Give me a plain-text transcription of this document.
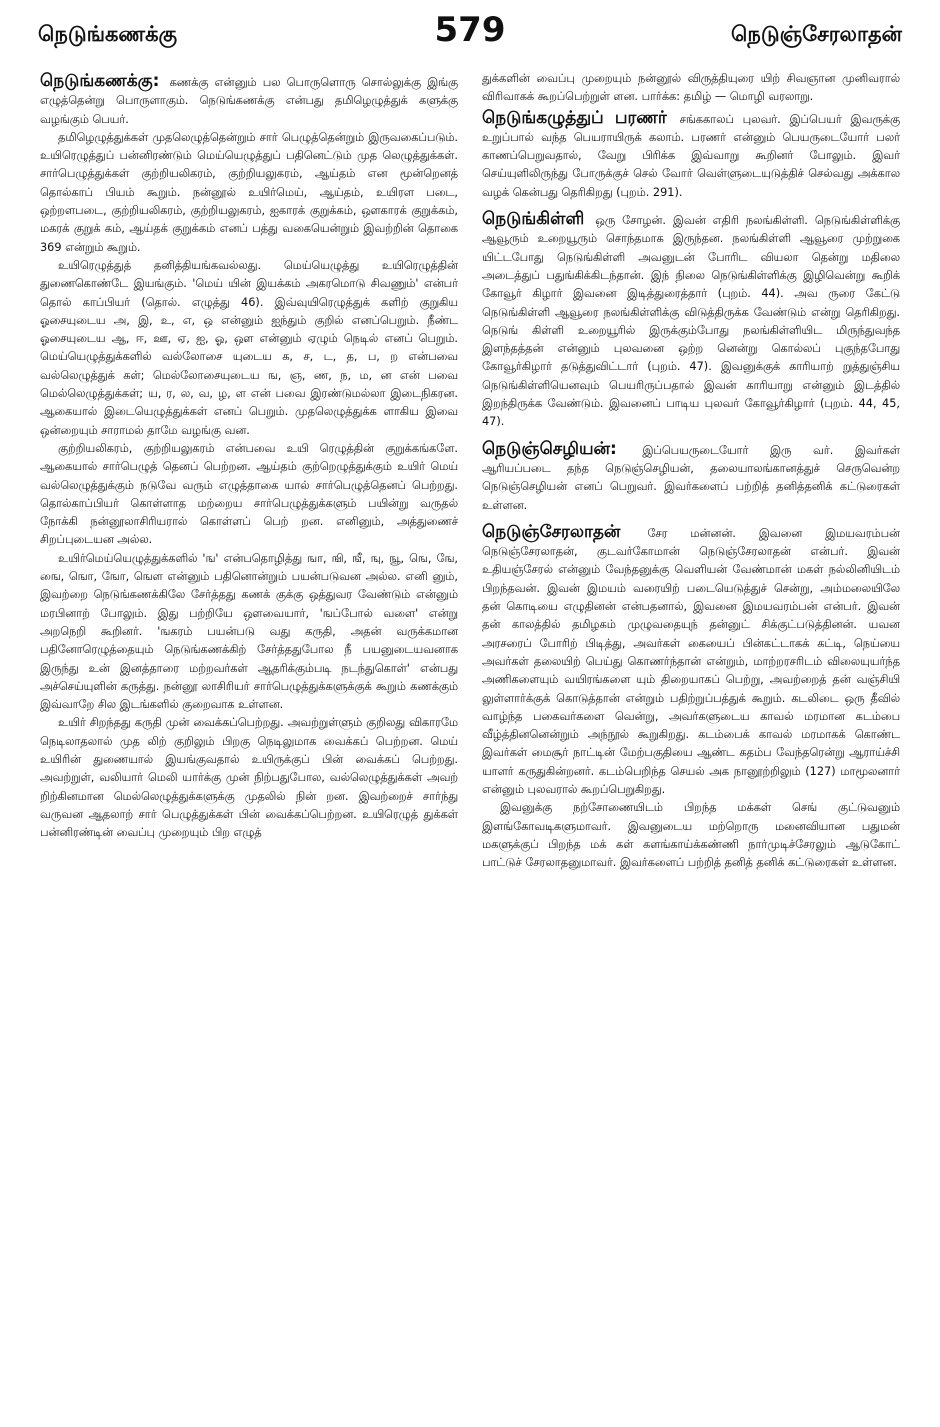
நெடுங்கணக்கு	579	நெடுஞ்சேரலாதன்

நெடுங்கணக்கு: கணக்கு என்னும் பல பொருளொரு சொல்லுக்கு இங்கு எழுத்தென்று பொருளாகும். நெடுங்கணக்கு என்பது தமிழெழுத்துக் களுக்கு வழங்கும் பெயர்.

தமிழெழுத்துக்கள் முதலெழுத்தென்றும் சார் பெழுத்தென்றும் இருவகைப்படும். உயிரெழுத்துப் பன்னிரண்டும் மெய்யெழுத்துப் பதினெட்டும் முத லெழுத்துக்கள். சார்பெழுத்துக்கள் குற்றியலிகரம், குற்றியலுகரம், ஆய்தம் என மூன்றெனத் தொல்காப் பியம் கூறும். நன்னூல் உயிர்மெய், ஆய்தம், உயிரள படை, ஒற்றளபடை, குற்றியலிகரம், குற்றியலுகரம், ஐகாரக் குறுக்கம், ஔகாரக் குறுக்கம், மகரக் குறுக் கம், ஆய்தக் குறுக்கம் எனப் பத்து வகையென்றும் இவற்றின் தொகை 369 என்றும் கூறும்.

உயிரெழுத்துத் தனித்தியங்கவல்லது. மெய்யெழுத்து உயிரெழுத்தின் துணைகொண்டே இயங்கும். 'மெய் யின் இயக்கம் அகரமொடு சிவணும்' என்பர் தொல் காப்பியர் (தொல். எழுத்து 46). இவ்வுயிரெழுத்துக் களிற் குறுகிய ஓசையுடைய அ, இ, உ, எ, ஒ என்னும் ஐந்தும் குறில் எனப்பெறும். நீண்ட ஓசையுடைய ஆ, ஈ, ஊ, ஏ, ஐ, ஓ, ஔ என்னும் ஏழும் நெடில் எனப் பெறும். மெய்யெழுத்துக்களில் வல்லோசை யுடைய க, ச, ட, த, ப, ற என்பவை வல்லெழுத்துக் கள்; மெல்லோசையுடைய ங, ஞ, ண, ந, ம, ன என் பவை மெல்லெழுத்துக்கள்; ய, ர, ல, வ, ழ, ள என் பவை இரண்டுமல்லா இடைநிகரன. ஆகையால் இடையெழுத்துக்கள் எனப் பெறும். முதலெழுத்துக்க ளாகிய இவை ஒன்றையும் சாராமல் தாமே வழங்கு வன.

குற்றியலிகரம், குற்றியலுகரம் என்பவை உயி ரெழுத்தின் குறுக்கங்களே. ஆகையால் சார்பெழுத் தெனப் பெற்றன. ஆய்தம் குற்றெழுத்துக்கும் உயிர் மெய் வல்லெழுத்துக்கும் நடுவே வரும் எழுத்தாகை யால் சார்பெழுத்தெனப் பெற்றது. தொல்காப்பியர் கொள்ளாத மற்றைய சார்பெழுத்துக்களும் பயின்று வருதல் நோக்கி நன்னூலாசிரியரால் கொள்ளப் பெற் றன. எனினும், அத்துணைச் சிறப்புடையன அல்ல.

உயிர்மெய்யெழுத்துக்களில் 'ங' என்பதொழித்து ஙா, ஙி, ஙீ, ஙு, ஙூ, ஙெ, ஙே, ஙை, ஙொ, ஙோ, ஙௌ என்னும் பதினொன்றும் பயன்படுவன அல்ல. எனி னும், இவற்றை நெடுங்கணக்கிலே சேர்த்தது கணக் குக்கு ஒத்துவர வேண்டும் என்னும் மரபினாற் போலும். இது பற்றியே ஔவையார், 'ஙப்போல் வளை' என்று அறநெறி கூறினர். 'ஙகரம் பயன்படு வது கருதி, அதன் வருக்கமான பதினோரெழுத்தையும் நெடுங்கணக்கிற் சேர்த்ததுபோல நீ பயனுடையவனாக இருந்து உன் இனத்தாரை மற்றவர்கள் ஆதரிக்கும்படி நடந்துகொள்' என்பது அச்செய்யுளின் கருத்து. நன்னூ லாசிரியர் சார்பெழுத்துக்களுக்குக் கூறும் கணக்கும் இவ்வாறே சில இடங்களில் குறைவாக உள்ளன.

உயிர் சிறந்தது கருதி முன் வைக்கப்பெற்றது. அவற்றுள்ளும் குறிலது விகாரமே நெடிலாதலால் முத லிற் குறிலும் பிறகு நெடிலுமாக வைக்கப் பெற்றன. மெய் உயிரின் துணையால் இயங்குவதால் உயிருக்குப் பின் வைக்கப் பெற்றது. அவற்றுள், வலியார் மெலி யார்க்கு முன் நிற்பதுபோல, வல்லெழுத்துக்கள் அவற் றிற்கினமான மெல்லெழுத்துக்களுக்கு முதலில் நின் றன. இவற்றைச் சார்ந்து வருவன ஆதலாற் சார் பெழுத்துக்கள் பின் வைக்கப்பெற்றன. உயிரெழுத் துக்கள் பன்னிரண்டின் வைப்பு முறையும் பிற எழுத்

துக்களின் வைப்பு முறையும் நன்னூல் விருத்தியுரை யிற் சிவஞான முனிவரால் விரிவாகக் கூறப்பெற்றுள் ளன. பார்க்க: தமிழ் — மொழி வரலாறு.

நெடுங்கழுத்துப் பரணர் சங்ககாலப் புலவர். இப்பெயர் இவருக்கு உறுப்பால் வந்த பெயராயிருக் கலாம். பரணர் என்னும் பெயருடையோர் பலர் காணப்பெறுவதால், வேறு பிரிக்க இவ்வாறு கூறினர் போலும். இவர் செய்யுளிலிருந்து போருக்குச் செல் வோர் வெள்ளுடையுடுத்திச் செல்வது அக்கால வழக் கென்பது தெரிகிறது (புறம். 291).

நெடுங்கிள்ளி ஒரு சோழன். இவன் எதிரி நலங்கிள்ளி. நெடுங்கிள்ளிக்கு ஆவூரும் உறையூரும் சொந்தமாக இருந்தன. நலங்கிள்ளி ஆவூரை முற்றுகை யிட்டபோது நெடுங்கிள்ளி அவனுடன் போரிட வியலா தென்று மதிலை அடைத்துப் பதுங்கிக்கிடந்தான். இந் நிலை நெடுங்கிள்ளிக்கு இழிவென்று கூறிக் கோவூர் கிழார் இவனை இடித்துரைத்தார் (புறம். 44). அவ ருரை கேட்டு நெடுங்கிள்ளி ஆவூரை நலங்கிள்ளிக்கு விடுத்திருக்க வேண்டும் என்று தெரிகிறது. நெடுங் கிள்ளி உறையூரில் இருக்கும்போது நலங்கிள்ளியிட மிருந்துவந்த இளந்தத்தன் என்னும் புலவனை ஒற்ற னென்று கொல்லப் புகுந்தபோது கோவூர்கிழார் தடுத்துவிட்டார் (புறம். 47). இவனுக்குக் காரியாற் றுத்துஞ்சிய நெடுங்கிள்ளியெனவும் பெயரிருப்பதால் இவன் காரியாறு என்னும் இடத்தில் இறந்திருக்க வேண்டும். இவனைப் பாடிய புலவர் கோவூர்கிழார் (புறம். 44, 45, 47).

நெடுஞ்செழியன்: இப்பெயருடையோர் இரு வர். இவர்கள் ஆரியப்படை தந்த நெடுஞ்செழியன், தலையாலங்கானத்துச் செருவென்ற நெடுஞ்செழியன் எனப் பெறுவர். இவர்களைப் பற்றித் தனித்தனிக் கட்டுரைகள் உள்ளன.

நெடுஞ்சேரலாதன் சேர மன்னன். இவனை இமயவரம்பன் நெடுஞ்சேரலாதன், குடவர்கோமான் நெடுஞ்சேரலாதன் என்பர். இவன் உதியஞ்சேரல் என்னும் வேந்தனுக்கு வெளியன் வேண்மான் மகள் நல்லினியிடம் பிறந்தவன். இவன் இமயம் வரையிற் படையெடுத்துச் சென்று, அம்மலையிலே தன் கொடியை எழுதினன் என்பதனால், இவனை இமயவரம்பன் என்பர். இவன் தன் காலத்தில் தமிழகம் முழுவதையுந் தன்னுட் சிக்குட்படுத்தினன். யவன அரசரைப் போரிற் பிடித்து, அவர்கள் கையைப் பின்கட்டாகக் கட்டி, நெய்யை அவர்கள் தலையிற் பெய்து கொணர்ந்தான் என்றும், மாற்றரசரிடம் விலையுயர்ந்த அணிகளையும் வயிரங்களை யும் திறையாகப் பெற்று, அவற்றைத் தன் வஞ்சியி லுள்ளார்க்குக் கொடுத்தான் என்றும் பதிற்றுப்பத்துக் கூறும். கடலிடை ஒரு தீவில் வாழ்ந்த பகைவர்களை வென்று, அவர்களுடைய காவல் மரமான கடம்பை வீழ்த்தினனென்றும் அந்நூல் கூறுகிறது. கடம்பைக் காவல் மரமாகக் கொண்ட இவர்கள் மைசூர் நாட்டின் மேற்பகுதியை ஆண்ட கதம்ப வேந்தரென்று ஆராய்ச்சி யாளர் கருதுகின்றனர். கடம்பெறிந்த செயல் அக நானூற்றிலும் (127) மாமூலனார் என்னும் புலவரால் கூறப்பெறுகிறது.

இவனுக்கு நற்சோணையிடம் பிறந்த மக்கள் செங் குட்டுவனும் இளங்கோவடிகளுமாவர். இவனுடைய மற்றொரு மனைவியான பதுமன் மகளுக்குப் பிறந்த மக் கள் களங்காய்க்கண்ணி நார்முடிச்சேரலும் ஆடுகோட் பாட்டுச் சேரலாதனுமாவர். இவர்களைப் பற்றித் தனித் தனிக் கட்டுரைகள் உள்ளன.
